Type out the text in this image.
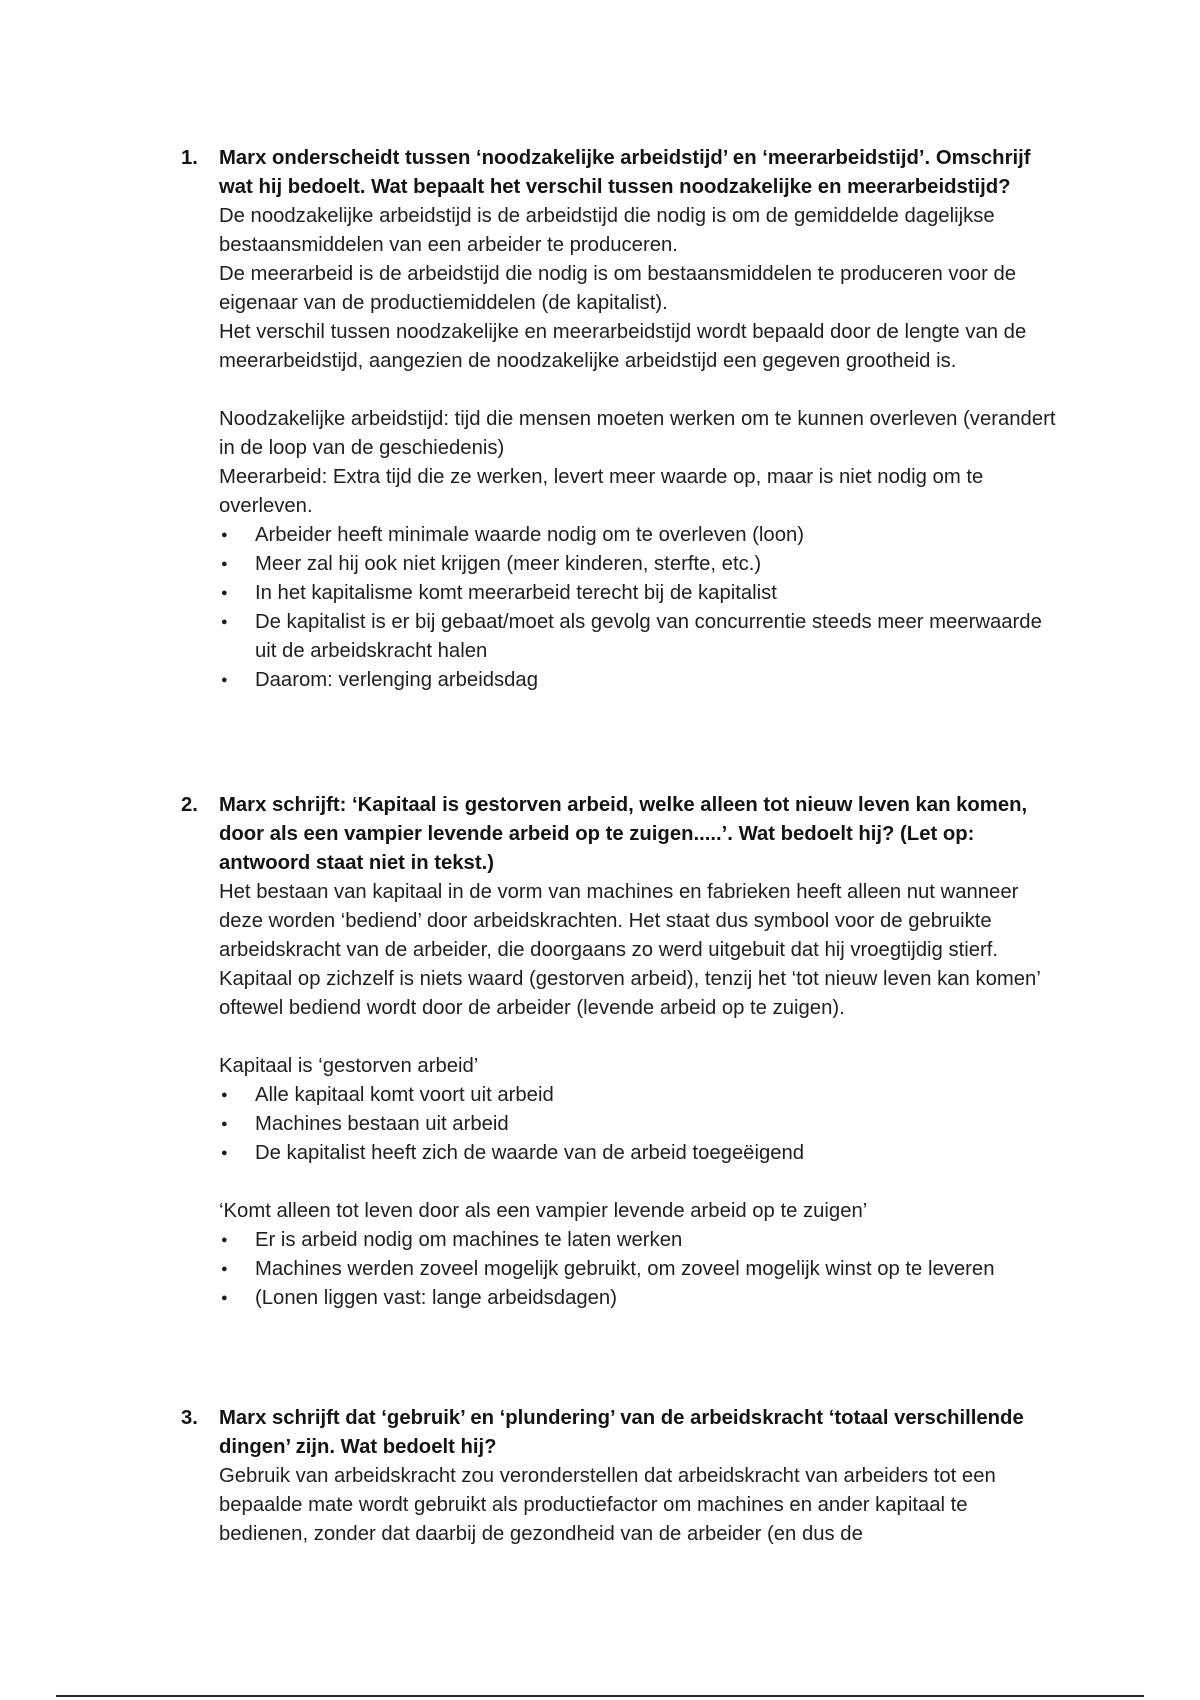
1. Marx onderscheidt tussen ‘noodzakelijke arbeidstijd’ en ‘meerarbeidstijd’. Omschrijf wat hij bedoelt. Wat bepaalt het verschil tussen noodzakelijke en meerarbeidstijd?

De noodzakelijke arbeidstijd is de arbeidstijd die nodig is om de gemiddelde dagelijkse bestaansmiddelen van een arbeider te produceren.

De meerarbeid is de arbeidstijd die nodig is om bestaansmiddelen te produceren voor de eigenaar van de productiemiddelen (de kapitalist).

Het verschil tussen noodzakelijke en meerarbeidstijd wordt bepaald door de lengte van de meerarbeidstijd, aangezien de noodzakelijke arbeidstijd een gegeven grootheid is.

Noodzakelijke arbeidstijd: tijd die mensen moeten werken om te kunnen overleven (verandert in de loop van de geschiedenis)

Meerarbeid: Extra tijd die ze werken, levert meer waarde op, maar is niet nodig om te overleven.

● Arbeider heeft minimale waarde nodig om te overleven (loon)
● Meer zal hij ook niet krijgen (meer kinderen, sterfte, etc.)
● In het kapitalisme komt meerarbeid terecht bij de kapitalist
● De kapitalist is er bij gebaat/moet als gevolg van concurrentie steeds meer meerwaarde uit de arbeidskracht halen
● Daarom: verlenging arbeidsdag
2. Marx schrijft: ‘Kapitaal is gestorven arbeid, welke alleen tot nieuw leven kan komen, door als een vampier levende arbeid op te zuigen.....’. Wat bedoelt hij? (Let op: antwoord staat niet in tekst.)

Het bestaan van kapitaal in de vorm van machines en fabrieken heeft alleen nut wanneer deze worden ‘bediend’ door arbeidskrachten. Het staat dus symbool voor de gebruikte arbeidskracht van de arbeider, die doorgaans zo werd uitgebuit dat hij vroegtijdig stierf. Kapitaal op zichzelf is niets waard (gestorven arbeid), tenzij het ‘tot nieuw leven kan komen’ oftewel bediend wordt door de arbeider (levende arbeid op te zuigen).

Kapitaal is ‘gestorven arbeid’

● Alle kapitaal komt voort uit arbeid
● Machines bestaan uit arbeid
● De kapitalist heeft zich de waarde van de arbeid toegeëigend

‘Komt alleen tot leven door als een vampier levende arbeid op te zuigen’

● Er is arbeid nodig om machines te laten werken
● Machines werden zoveel mogelijk gebruikt, om zoveel mogelijk winst op te leveren
● (Lonen liggen vast: lange arbeidsdagen)
3. Marx schrijft dat ‘gebruik’ en ‘plundering’ van de arbeidskracht ‘totaal verschillende dingen’ zijn. Wat bedoelt hij?

Gebruik van arbeidskracht zou veronderstellen dat arbeidskracht van arbeiders tot een bepaalde mate wordt gebruikt als productiefactor om machines en ander kapitaal te bedienen, zonder dat daarbij de gezondheid van de arbeider (en dus de
